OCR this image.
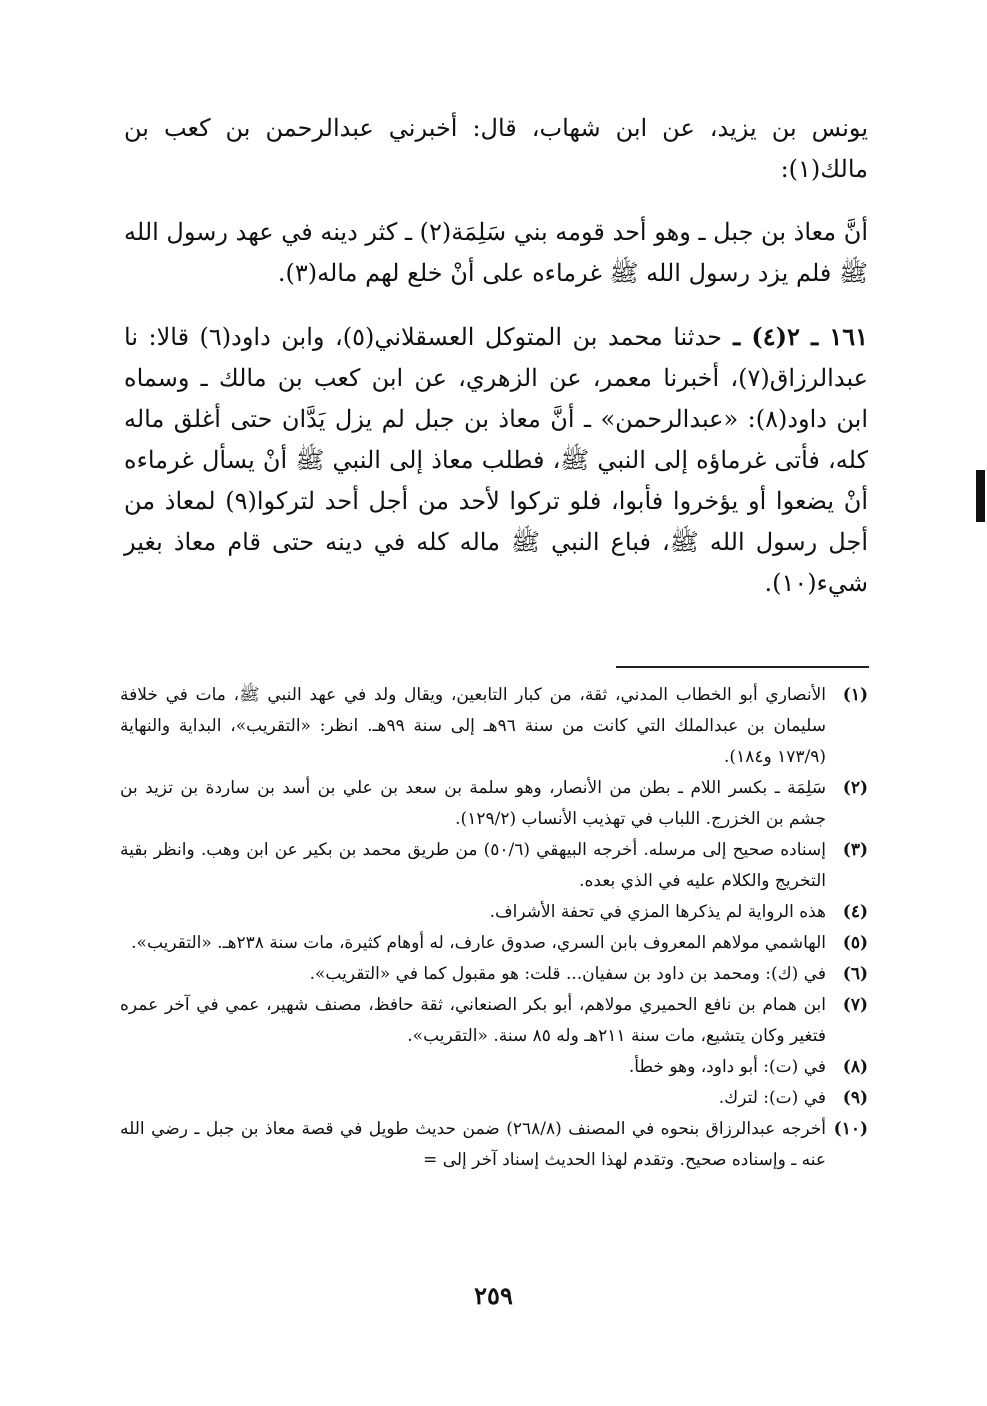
يونس بن يزيد، عن ابن شهاب، قال: أخبرني عبدالرحمن بن كعب بن مالك(١):

أنَّ معاذ بن جبل ـ وهو أحد قومه بني سَلِمَة(٢) ـ كثر دينه في عهد رسول الله ﷺ فلم يزد رسول الله ﷺ غرماءه على أنْ خلع لهم ماله(٣).

١٦١ ـ ٢(٤) ـ حدثنا محمد بن المتوكل العسقلاني(٥)، وابن داود(٦) قالا: نا عبدالرزاق(٧)، أخبرنا معمر، عن الزهري، عن ابن كعب بن مالك ـ وسماه ابن داود(٨): «عبدالرحمن» ـ أنَّ معاذ بن جبل لم يزل يَدَّان حتى أغلق ماله كله، فأتى غرماؤه إلى النبي ﷺ، فطلب معاذ إلى النبي ﷺ أنْ يسأل غرماءه أنْ يضعوا أو يؤخروا فأبوا، فلو تركوا لأحد من أجل أحد لتركوا(٩) لمعاذ من أجل رسول الله ﷺ، فباع النبي ﷺ ماله كله في دينه حتى قام معاذ بغير شيء(١٠).

(١)
الأنصاري أبو الخطاب المدني، ثقة، من كبار التابعين، ويقال ولد في عهد النبي ﷺ، مات في خلافة سليمان بن عبدالملك التي كانت من سنة ٩٦هـ إلى سنة ٩٩هـ. انظر: «التقريب»، البداية والنهاية (١٧٣/٩ و١٨٤).
(٢)
سَلِمَة ـ بكسر اللام ـ بطن من الأنصار، وهو سلمة بن سعد بن علي بن أسد بن ساردة بن تزيد بن جشم بن الخزرج. اللباب في تهذيب الأنساب (١٢٩/٢).
(٣)
إسناده صحيح إلى مرسله. أخرجه البيهقي (٥٠/٦) من طريق محمد بن بكير عن ابن وهب. وانظر بقية التخريج والكلام عليه في الذي بعده.
(٤)
هذه الرواية لم يذكرها المزي في تحفة الأشراف.
(٥)
الهاشمي مولاهم المعروف بابن السري، صدوق عارف، له أوهام كثيرة، مات سنة ٢٣٨هـ. «التقريب».
(٦)
في (ك): ومحمد بن داود بن سفيان... قلت: هو مقبول كما في «التقريب».
(٧)
ابن همام بن نافع الحميري مولاهم، أبو بكر الصنعاني، ثقة حافظ، مصنف شهير، عمي في آخر عمره فتغير وكان يتشيع، مات سنة ٢١١هـ وله ٨٥ سنة. «التقريب».
(٨)
في (ت): أبو داود، وهو خطأ.
(٩)
في (ت): لترك.
(١٠)
أخرجه عبدالرزاق بنحوه في المصنف (٢٦٨/٨) ضمن حديث طويل في قصة معاذ بن جبل ـ رضي الله عنه ـ وإسناده صحيح. وتقدم لهذا الحديث إسناد آخر إلى =
٢٥٩
